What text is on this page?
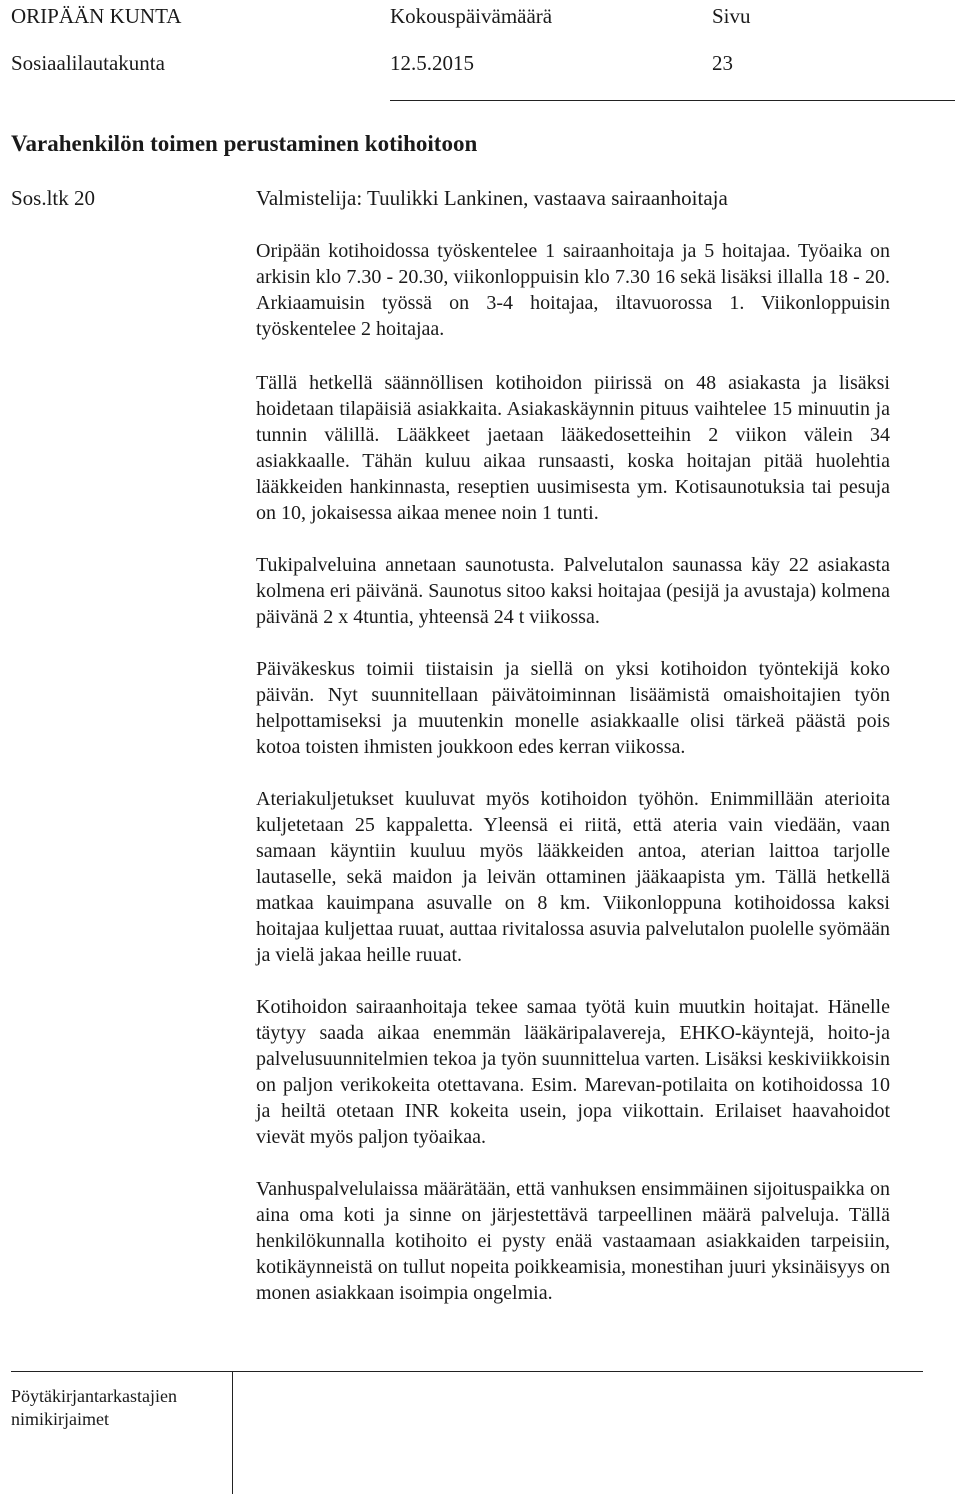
ORIPÄÄN KUNTA	Kokouspäivämäärä	Sivu
Sosiaalilautakunta	12.5.2015	23
Varahenkilön toimen perustaminen kotihoitoon
Sos.ltk 20	Valmistelija: Tuulikki Lankinen, vastaava sairaanhoitaja

Oripään kotihoidossa työskentelee 1 sairaanhoitaja ja 5 hoitajaa. Työaika on arkisin klo 7.30 - 20.30, viikonloppuisin klo 7.30 16 sekä lisäksi illalla 18 - 20. Arkiaamuisin työssä on 3-4 hoitajaa, iltavuorossa 1. Viikonloppuisin työskentelee 2 hoitajaa.

Tällä hetkellä säännöllisen kotihoidon piirissä on 48 asiakasta ja lisäksi hoidetaan tilapäisiä asiakkaita. Asiakaskäynnin pituus vaihtelee 15 minuutin ja tunnin välillä. Lääkkeet jaetaan lääkedosetteihin 2 viikon välein 34 asiakkaalle. Tähän kuluu aikaa runsaasti, koska hoitajan pitää huolehtia lääkkeiden hankinnasta, reseptien uusimisesta ym. Kotisaunotuksia tai pesuja on 10, jokaisessa aikaa menee noin 1 tunti.

Tukipalveluina annetaan saunotusta. Palvelutalon saunassa käy 22 asiakasta kolmena eri päivänä. Saunotus sitoo kaksi hoitajaa (pesijä ja avustaja) kolmena päivänä 2 x 4tuntia, yhteensä 24 t viikossa.

Päiväkeskus toimii tiistaisin ja siellä on yksi kotihoidon työntekijä koko päivän. Nyt suunnitellaan päivätoiminnan lisäämistä omaishoitajien työn helpottamiseksi ja muutenkin monelle asiakkaalle olisi tärkeä päästä pois kotoa toisten ihmisten joukkoon edes kerran viikossa.

Ateriakuljetukset kuuluvat myös kotihoidon työhön. Enimmillään aterioita kuljetetaan 25 kappaletta. Yleensä ei riitä, että ateria vain viedään, vaan samaan käyntiin kuuluu myös lääkkeiden antoa, aterian laittoa tarjolle lautaselle, sekä maidon ja leivän ottaminen jääkaapista ym. Tällä hetkellä matkaa kauimpana asuvalle on 8 km. Viikonloppuna kotihoidossa kaksi hoitajaa kuljettaa ruuat, auttaa rivitalossa asuvia palvelutalon puolelle syömään ja vielä jakaa heille ruuat.

Kotihoidon sairaanhoitaja tekee samaa työtä kuin muutkin hoitajat. Hänelle täytyy saada aikaa enemmän lääkäripalavereja, EHKO-käyntejä, hoito-ja palvelusuunnitelmien tekoa ja työn suunnittelua varten. Lisäksi keskiviikkoisin on paljon verikokeita otettavana. Esim. Marevan-potilaita on kotihoidossa 10 ja heiltä otetaan INR kokeita usein, jopa viikottain. Erilaiset haavahoidot vievät myös paljon työaikaa.

Vanhuspalvelulaissa määrätään, että vanhuksen ensimmäinen sijoituspaikka on aina oma koti ja sinne on järjestettävä tarpeellinen määrä palveluja. Tällä henkilökunnalla kotihoito ei pysty enää vastaamaan asiakkaiden tarpeisiin, kotikäynneistä on tullut nopeita poikkeamisia, monestihan juuri yksinäisyys on monen asiakkaan isoimpia ongelmia.

Pöytäkirjantarkastajien
nimikirjaimet
